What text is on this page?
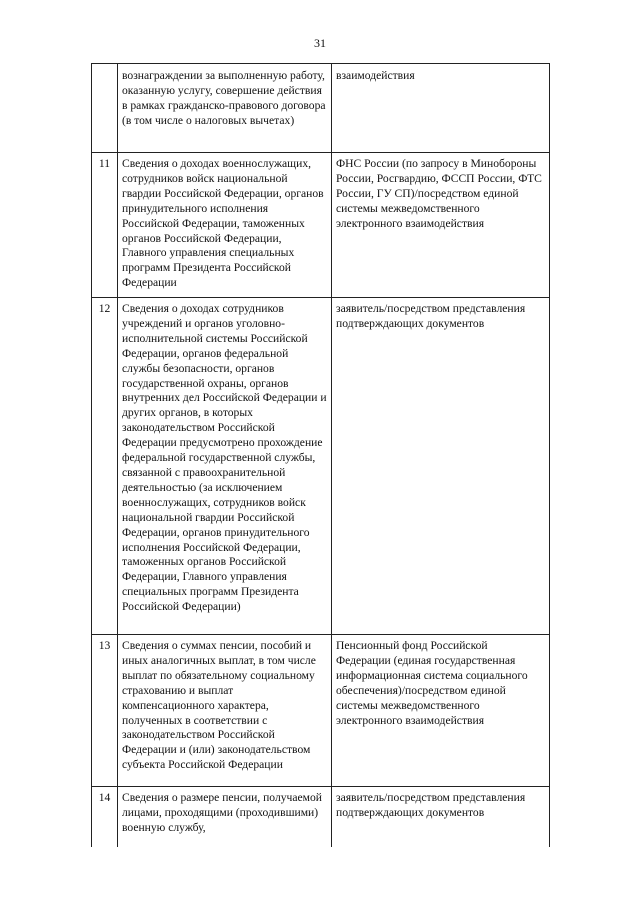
31
	вознаграждении за выполненную работу, оказанную услугу, совершение действия в рамках гражданско-правового договора (в том числе о налоговых вычетах)	взаимодействия
11	Сведения о доходах военнослужащих, сотрудников войск национальной гвардии Российской Федерации, органов принудительного исполнения Российской Федерации, таможенных органов Российской Федерации, Главного управления специальных программ Президента Российской Федерации	ФНС России (по запросу в Минобороны России, Росгвардию, ФССП России, ФТС России, ГУ СП)/посредством единой системы межведомственного электронного взаимодействия
12	Сведения о доходах сотрудников учреждений и органов уголовно-исполнительной системы Российской Федерации, органов федеральной службы безопасности, органов государственной охраны, органов внутренних дел Российской Федерации и других органов, в которых законодательством Российской Федерации предусмотрено прохождение федеральной государственной службы, связанной с правоохранительной деятельностью (за исключением военнослужащих, сотрудников войск национальной гвардии Российской Федерации, органов принудительного исполнения Российской Федерации, таможенных органов Российской Федерации, Главного управления специальных программ Президента Российской Федерации)	заявитель/посредством представления подтверждающих документов
13	Сведения о суммах пенсии, пособий и иных аналогичных выплат, в том числе выплат по обязательному социальному страхованию и выплат компенсационного характера, полученных в соответствии с законодательством Российской Федерации и (или) законодательством субъекта Российской Федерации	Пенсионный фонд Российской Федерации (единая государственная информационная система социального обеспечения)/посредством единой системы межведомственного электронного взаимодействия
14	Сведения о размере пенсии, получаемой лицами, проходящими (проходившими) военную службу,	заявитель/посредством представления подтверждающих документов
